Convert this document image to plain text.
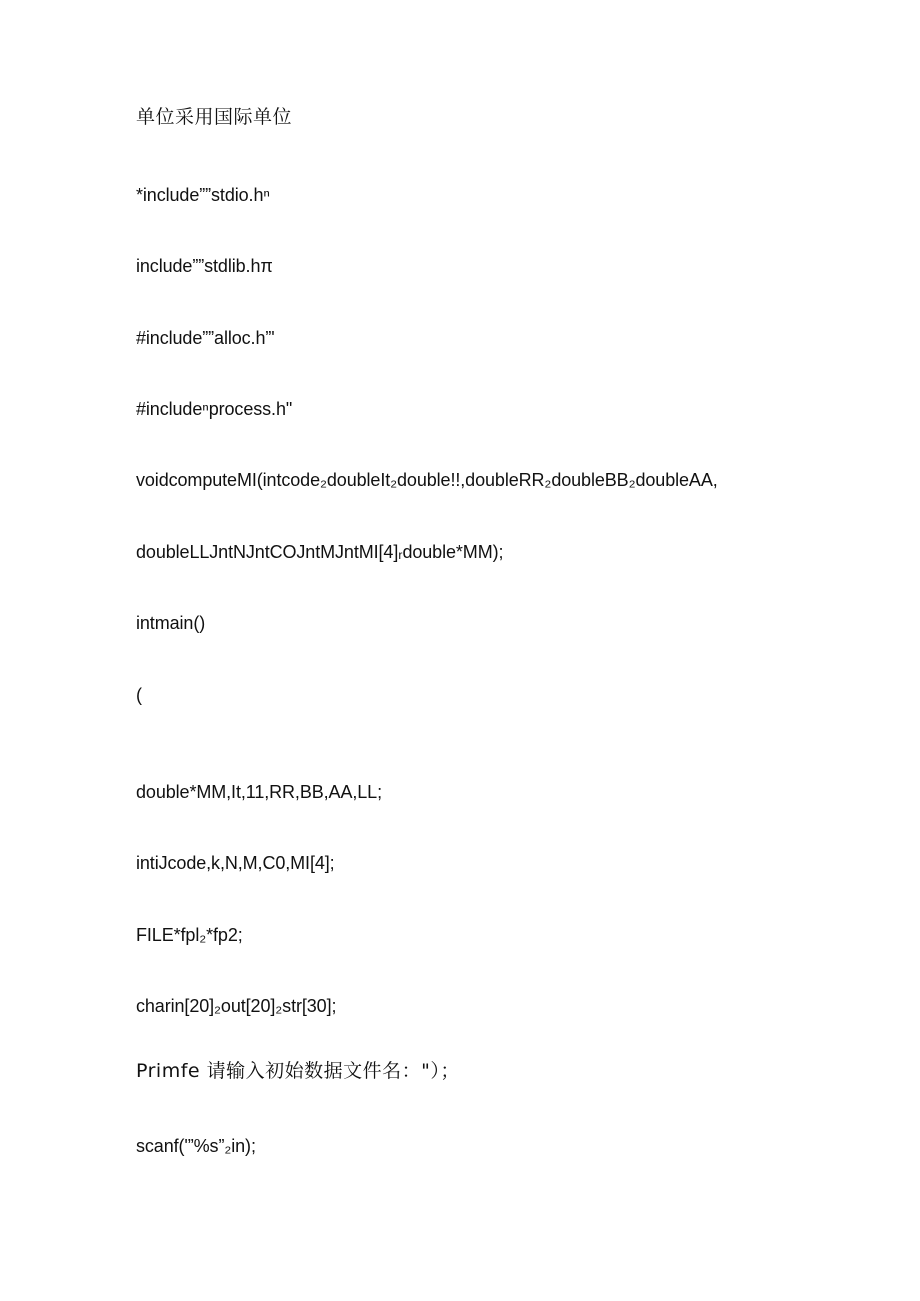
单位采用国际单位
*include””stdio.hⁿ
include””stdlib.hπ
#include””alloc.h”'
#includeⁿprocess.h"
voidcomputeMI(intcode₂doubleIt₂double!!,doubleRR₂doubleBB₂doubleAA,
doubleLLJntNJntCOJntMJntMI[4]ᵣdouble*MM);
intmain()
(
double*MM,It,11,RR,BB,AA,LL;
intiJcode,k,N,M,C0,MI[4];
FILE*fpl₂*fp2;
charin[20]₂out[20]₂str[30];
Primfe 请输入初始数据文件名："）；
scanf('”%s”₂in);
